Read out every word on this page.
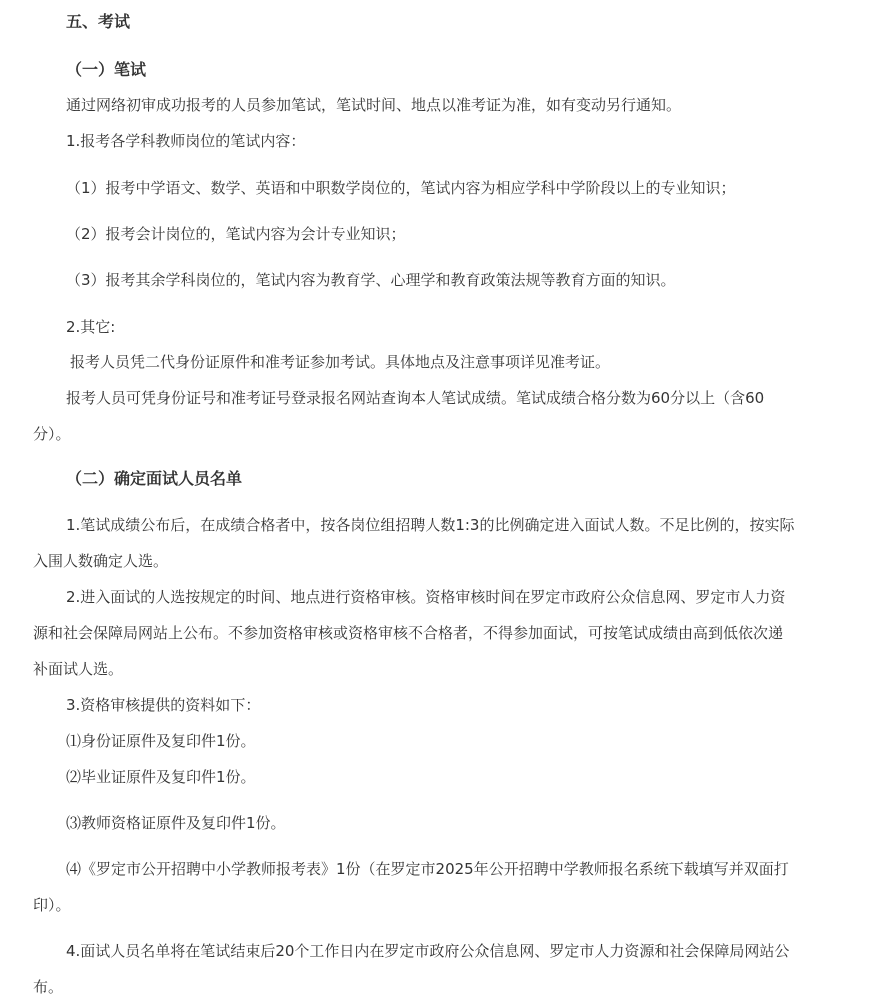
五、考试

（一）笔试

通过网络初审成功报考的人员参加笔试，笔试时间、地点以准考证为准，如有变动另行通知。

1.报考各学科教师岗位的笔试内容：

（1）报考中学语文、数学、英语和中职数学岗位的，笔试内容为相应学科中学阶段以上的专业知识；

（2）报考会计岗位的，笔试内容为会计专业知识；

（3）报考其余学科岗位的，笔试内容为教育学、心理学和教育政策法规等教育方面的知识。

2.其它:

报考人员凭二代身份证原件和准考证参加考试。具体地点及注意事项详见准考证。

报考人员可凭身份证号和准考证号登录报名网站查询本人笔试成绩。笔试成绩合格分数为60分以上（含60

分）。

（二）确定面试人员名单

1.笔试成绩公布后，在成绩合格者中，按各岗位组招聘人数1:3的比例确定进入面试人数。不足比例的，按实际

入围人数确定人选。

2.进入面试的人选按规定的时间、地点进行资格审核。资格审核时间在罗定市政府公众信息网、罗定市人力资

源和社会保障局网站上公布。不参加资格审核或资格审核不合格者，不得参加面试，可按笔试成绩由高到低依次递

补面试人选。

3.资格审核提供的资料如下：

⑴身份证原件及复印件1份。

⑵毕业证原件及复印件1份。

⑶教师资格证原件及复印件1份。

⑷《罗定市公开招聘中小学教师报考表》1份（在罗定市2025年公开招聘中学教师报名系统下载填写并双面打

印）。

4.面试人员名单将在笔试结束后20个工作日内在罗定市政府公众信息网、罗定市人力资源和社会保障局网站公

布。
